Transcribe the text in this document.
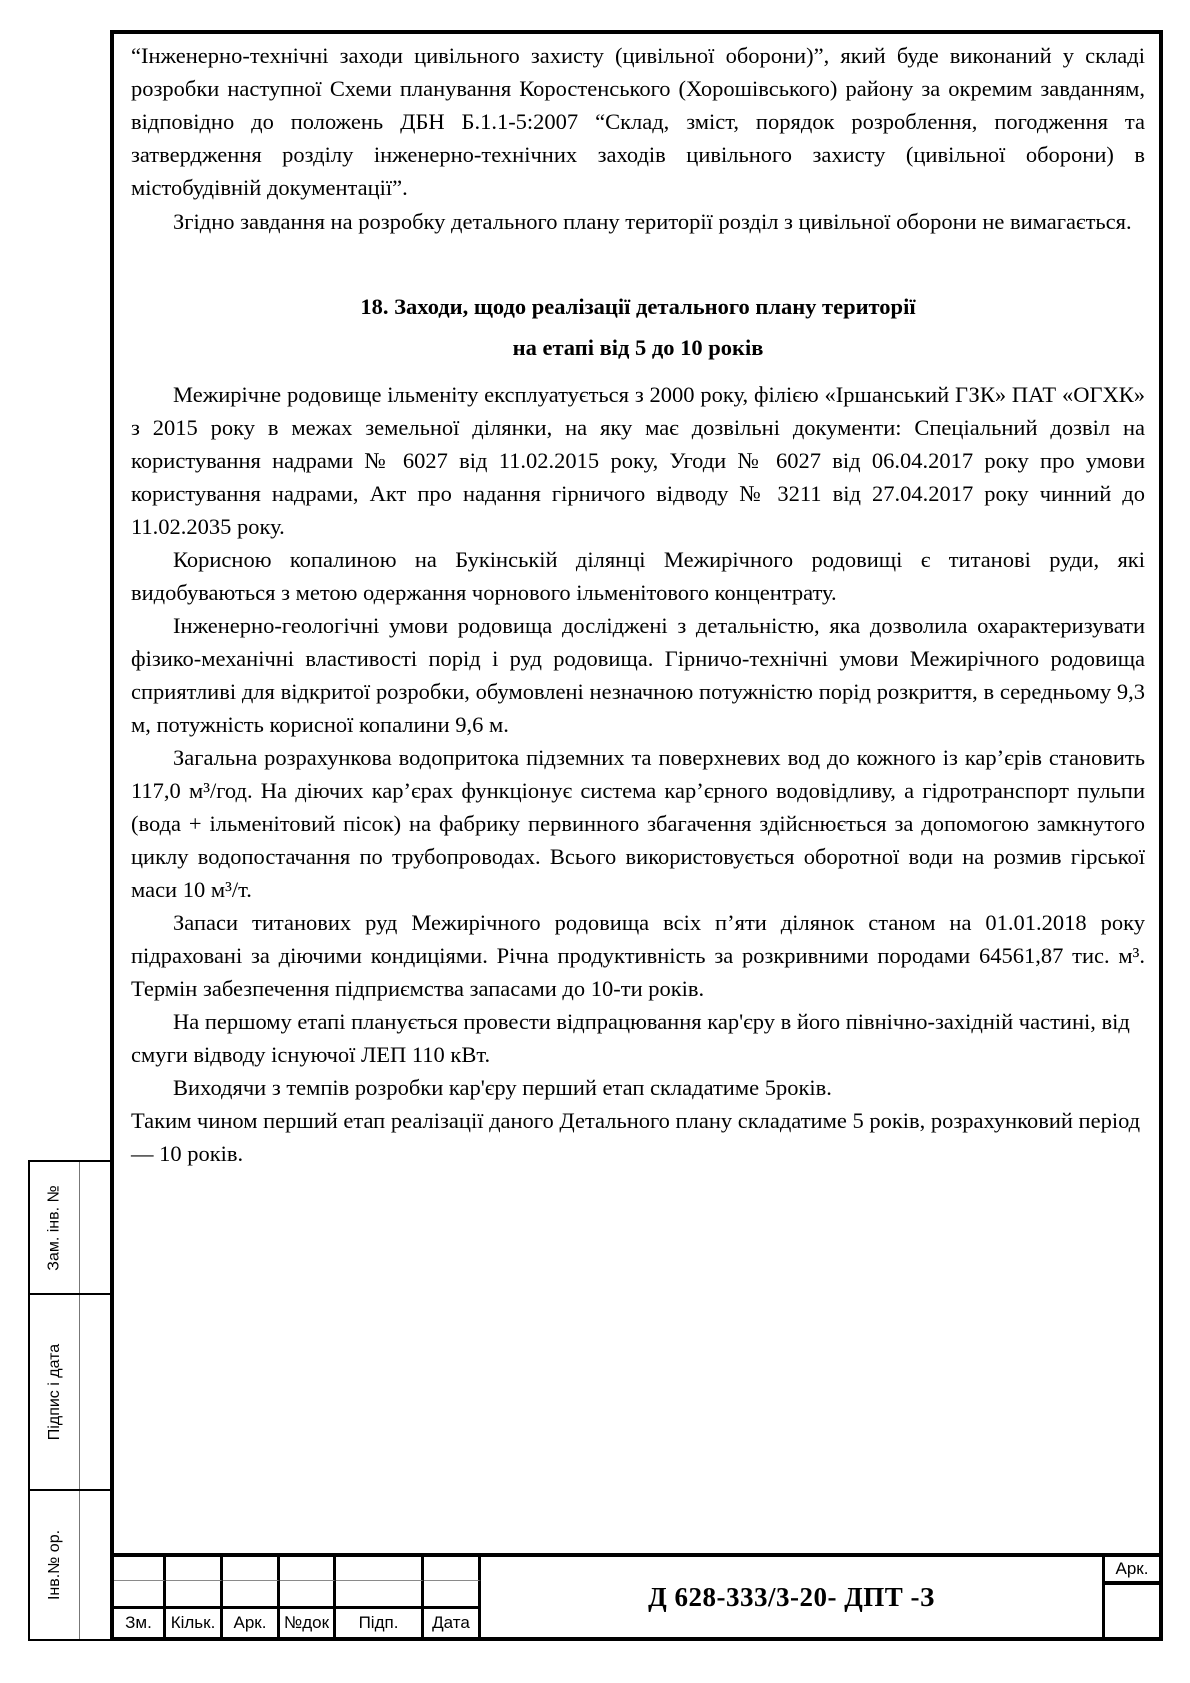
Зам. інв. №
Підпис і дата
Інв.№ ор.

“Інженерно-технічні заходи цивільного захисту (цивільної оборони)”, який буде виконаний у складі розробки наступної Схеми планування Коростенського (Хорошівського) району за окремим завданням, відповідно до положень ДБН Б.1.1-5:2007 “Склад, зміст, порядок розроблення, погодження та затвердження розділу інженерно-технічних заходів цивільного захисту (цивільної оборони) в містобудівній документації”.

Згідно завдання на розробку детального плану території розділ з цивільної оборони не вимагається.

18. Заходи, щодо реалізації детального плану території
на етапі від 5 до 10 років

Межирічне родовище ільменіту експлуатується з 2000 року, філією «Іршанський ГЗК» ПАТ «ОГХК» з 2015 року в межах земельної ділянки, на яку має дозвільні документи: Спеціальний дозвіл на користування надрами № 6027 від 11.02.2015 року, Угоди № 6027 від 06.04.2017 року про умови користування надрами, Акт про надання гірничого відводу № 3211 від 27.04.2017 року чинний до 11.02.2035 року.

Корисною копалиною на Букінській ділянці Межирічного родовищі є титанові руди, які видобуваються з метою одержання чорнового ільменітового концентрату.

Інженерно-геологічні умови родовища досліджені з детальністю, яка дозволила охарактеризувати фізико-механічні властивості порід і руд родовища. Гірничо-технічні умови Межирічного родовища сприятливі для відкритої розробки, обумовлені незначною потужністю порід розкриття, в середньому 9,3 м, потужність корисної копалини 9,6 м.

Загальна розрахункова водопритока підземних та поверхневих вод до кожного із кар’єрів становить 117,0 м³/год. На діючих кар’єрах функціонує система кар’єрного водовідливу, а гідротранспорт пульпи (вода + ільменітовий пісок) на фабрику первинного збагачення здійснюється за допомогою замкнутого циклу водопостачання по трубопроводах. Всього використовується оборотної води на розмив гірської маси 10 м³/т.

Запаси титанових руд Межирічного родовища всіх п’яти ділянок станом на 01.01.2018 року підраховані за діючими кондиціями. Річна продуктивність за розкривними породами 64561,87 тис. м³. Термін забезпечення підприємства запасами до 10-ти років.

На першому етапі планується провести відпрацювання кар'єру в його північно-західній частині, від смуги відводу існуючої ЛЕП 110 кВт.

Виходячи з темпів розробки кар'єру перший етап складатиме 5років.

Таким чином перший етап реалізації даного Детального плану складатиме 5 років, розрахунковий період — 10 років.

Зм.	Кільк.	Арк.	№док	Підп.	Дата
Д 628-333/3-20- ДПТ -З
Арк.
